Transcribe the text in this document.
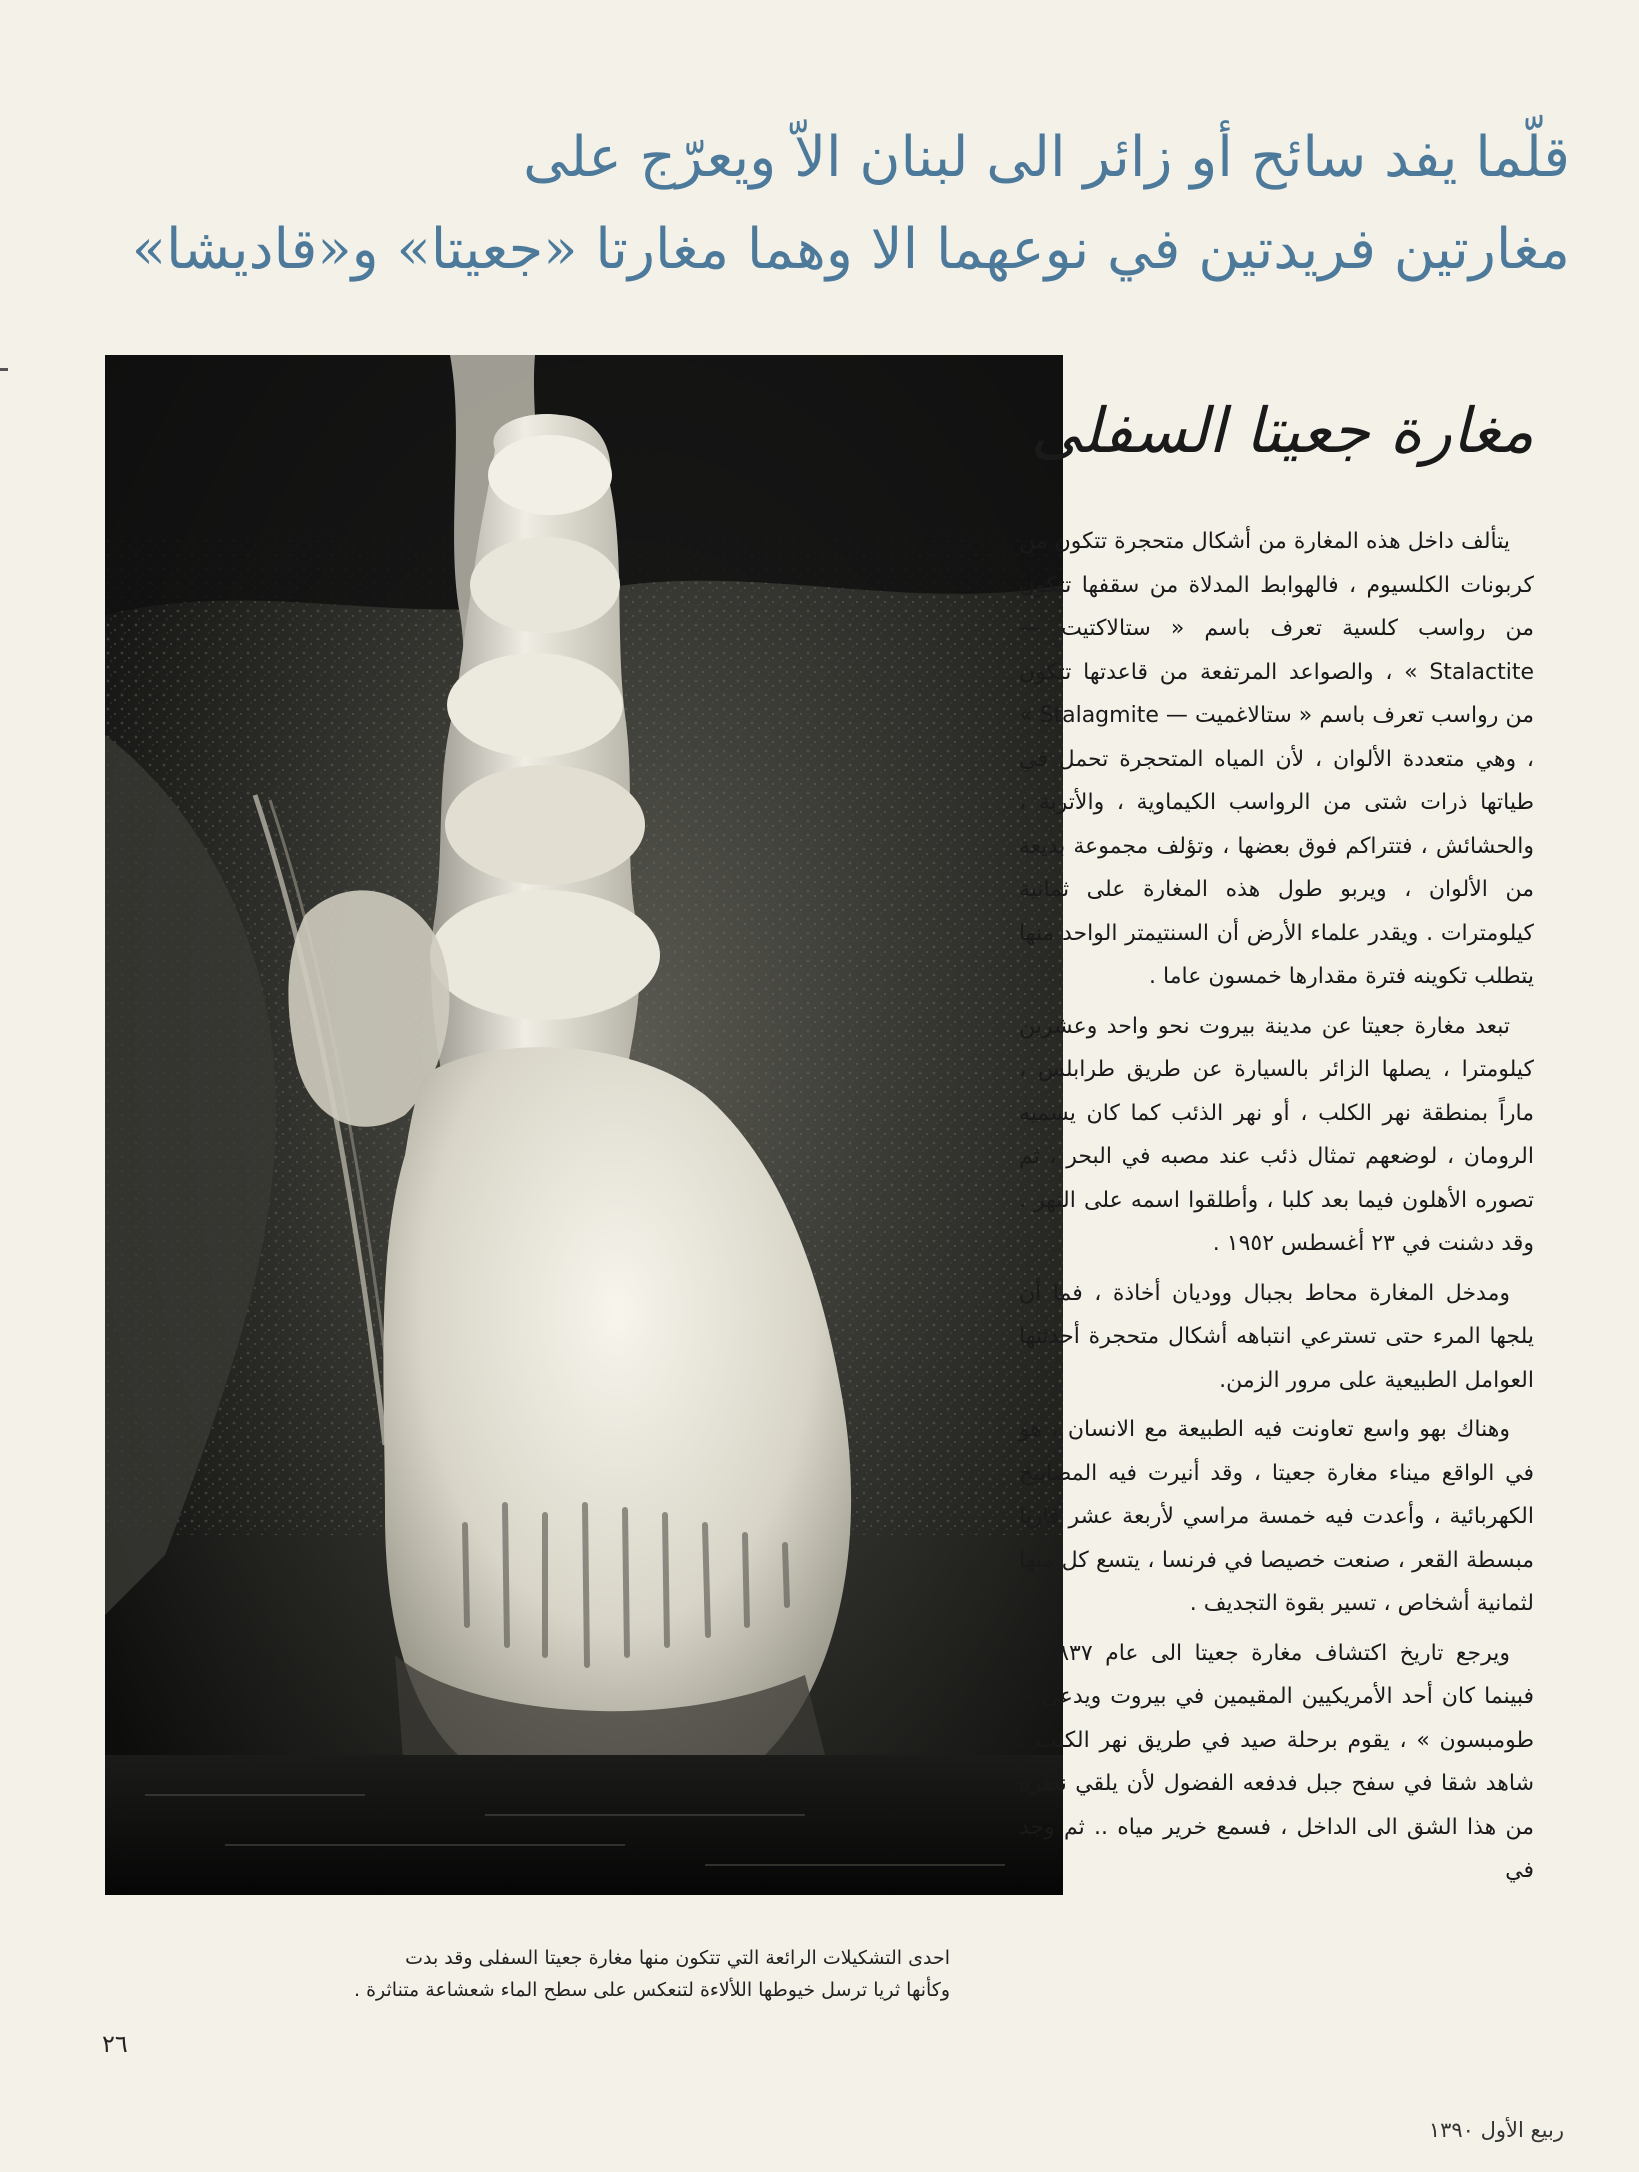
قلّما يفد سائح أو زائر الى لبنان الاّ ويعرّج على
مغارتين فريدتين في نوعهما الا وهما مغارتا «جعيتا» و«قاديشا»
مغارة جعيتا السفلى

يتألف داخل هذه المغارة من أشكال متحجرة تتكون من كربونات الكلسيوم ، فالهوابط المدلاة من سقفها تتكون من رواسب كلسية تعرف باسم « ستالاكتيت — Stalactite » ، والصواعد المرتفعة من قاعدتها تتكون من رواسب تعرف باسم « ستالاغميت — Stalagmite » ، وهي متعددة الألوان ، لأن المياه المتحجرة تحمل في طياتها ذرات شتى من الرواسب الكيماوية ، والأتربة ، والحشائش ، فتتراكم فوق بعضها ، وتؤلف مجموعة بديعة من الألوان ، ويربو طول هذه المغارة على ثمانية كيلومترات . ويقدر علماء الأرض أن السنتيمتر الواحد منها يتطلب تكوينه فترة مقدارها خمسون عاما .

تبعد مغارة جعيتا عن مدينة بيروت نحو واحد وعشرين كيلومترا ، يصلها الزائر بالسيارة عن طريق طرابلس ، ماراً بمنطقة نهر الكلب ، أو نهر الذئب كما كان يسميه الرومان ، لوضعهم تمثال ذئب عند مصبه في البحر ، ثم تصوره الأهلون فيما بعد كلبا ، وأطلقوا اسمه على النهر . وقد دشنت في ٢٣ أغسطس ١٩٥٢ .

ومدخل المغارة محاط بجبال ووديان أخاذة ، فما أن يلجها المرء حتى تسترعي انتباهه أشكال متحجرة أحدثتها العوامل الطبيعية على مرور الزمن.

وهناك بهو واسع تعاونت فيه الطبيعة مع الانسان ، هو في الواقع ميناء مغارة جعيتا ، وقد أنيرت فيه المصابيح الكهربائية ، وأعدت فيه خمسة مراسي لأربعة عشر قاربا مبسطة القعر ، صنعت خصيصا في فرنسا ، يتسع كل منها لثمانية أشخاص ، تسير بقوة التجديف .

ويرجع تاريخ اكتشاف مغارة جعيتا الى عام ١٨٣٧ .. فبينما كان أحد الأمريكيين المقيمين في بيروت ويدعى « طومبسون » ، يقوم برحلة صيد في طريق نهر الكلب ، شاهد شقا في سفح جبل فدفعه الفضول لأن يلقي نظره من هذا الشق الى الداخل ، فسمع خرير مياه .. ثم وجد في

احدى التشكيلات الرائعة التي تتكون منها مغارة جعيتا السفلى وقد بدت
وكأنها ثريا ترسل خيوطها اللألاءة لتنعكس على سطح الماء شعشاعة متناثرة .
٢٦
ربيع الأول ١٣٩٠
